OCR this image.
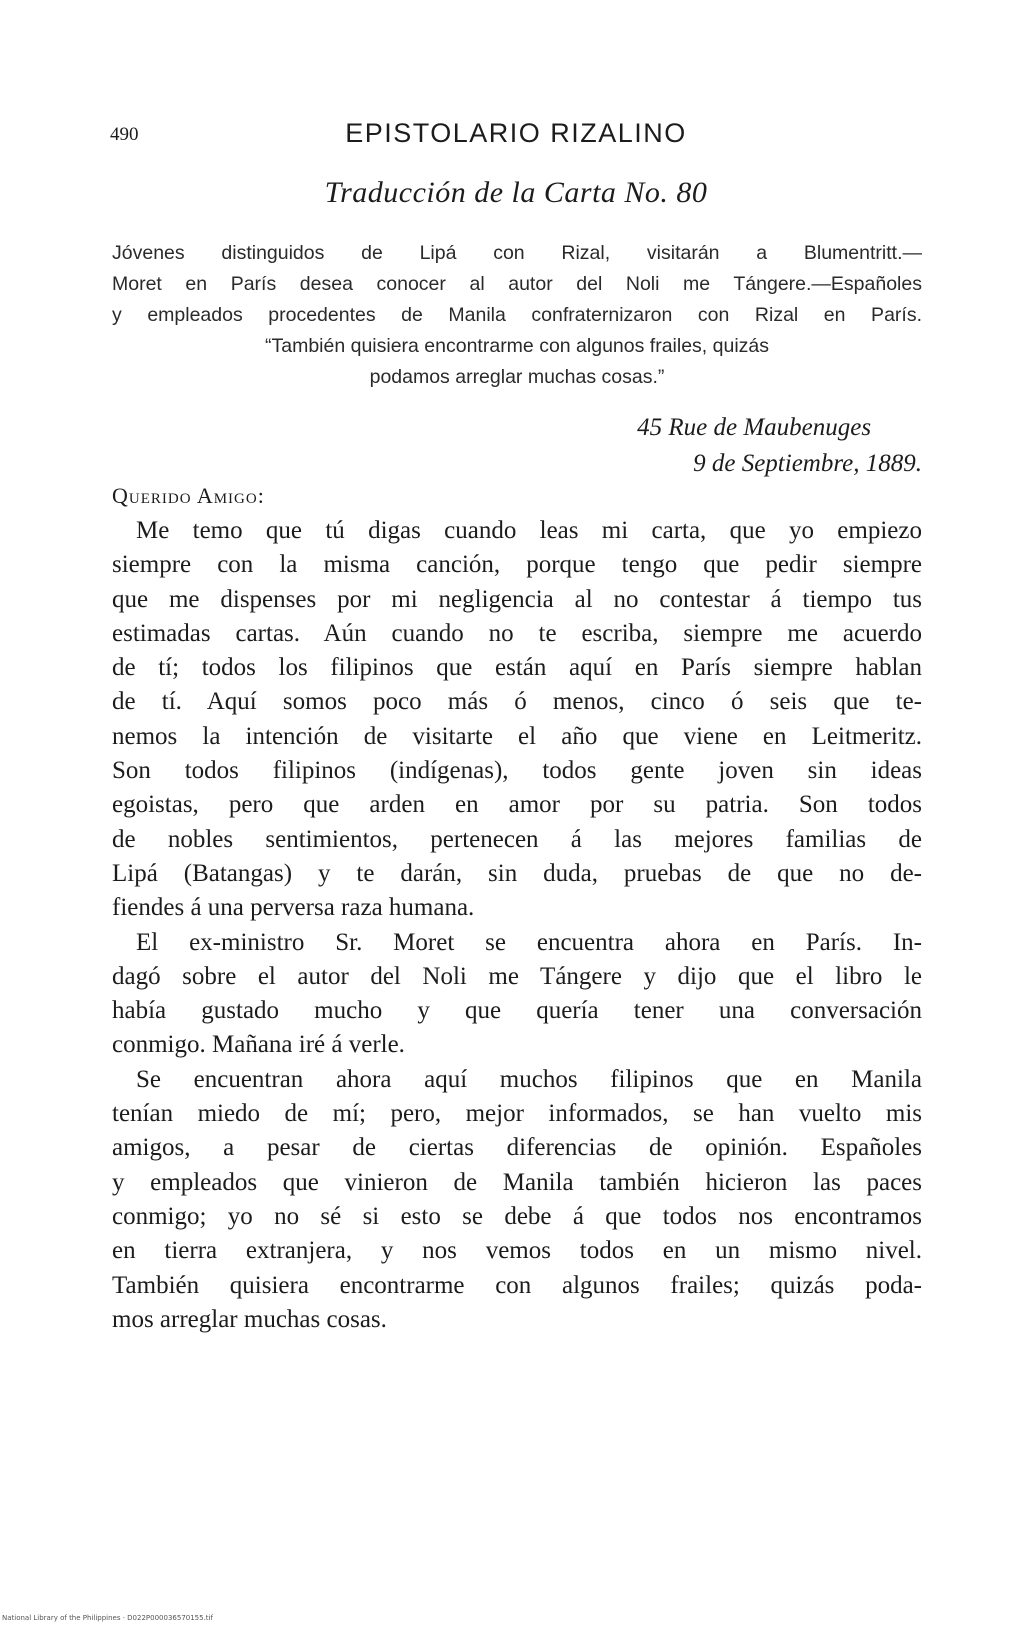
490	EPISTOLARIO RIZALINO
Traducción de la Carta No. 80
Jóvenes distinguidos de Lipá con Rizal, visitarán a Blumentritt.—
Moret en París desea conocer al autor del Noli me Tángere.—Españoles
y empleados procedentes de Manila confraternizaron con Rizal en París.
“También quisiera encontrarme con algunos frailes, quizás
podamos arreglar muchas cosas.”
45 Rue de Maubenuges
9 de Septiembre, 1889.
Querido Amigo:
Me temo que tú digas cuando leas mi carta, que yo empiezo
siempre con la misma canción, porque tengo que pedir siempre
que me dispenses por mi negligencia al no contestar á tiempo tus
estimadas cartas. Aún cuando no te escriba, siempre me acuerdo
de tí; todos los filipinos que están aquí en París siempre hablan
de tí. Aquí somos poco más ó menos, cinco ó seis que te-
nemos la intención de visitarte el año que viene en Leitmeritz.
Son todos filipinos (indígenas), todos gente joven sin ideas
egoistas, pero que arden en amor por su patria. Son todos
de nobles sentimientos, pertenecen á las mejores familias de
Lipá (Batangas) y te darán, sin duda, pruebas de que no de-
fiendes á una perversa raza humana.
El ex-ministro Sr. Moret se encuentra ahora en París. In-
dagó sobre el autor del Noli me Tángere y dijo que el libro le
había gustado mucho y que quería tener una conversación
conmigo. Mañana iré á verle.
Se encuentran ahora aquí muchos filipinos que en Manila
tenían miedo de mí; pero, mejor informados, se han vuelto mis
amigos, a pesar de ciertas diferencias de opinión. Españoles
y empleados que vinieron de Manila también hicieron las paces
conmigo; yo no sé si esto se debe á que todos nos encontramos
en tierra extranjera, y nos vemos todos en un mismo nivel.
También quisiera encontrarme con algunos frailes; quizás poda-
mos arreglar muchas cosas.
National Library of the Philippines · D022P000036570155.tif
